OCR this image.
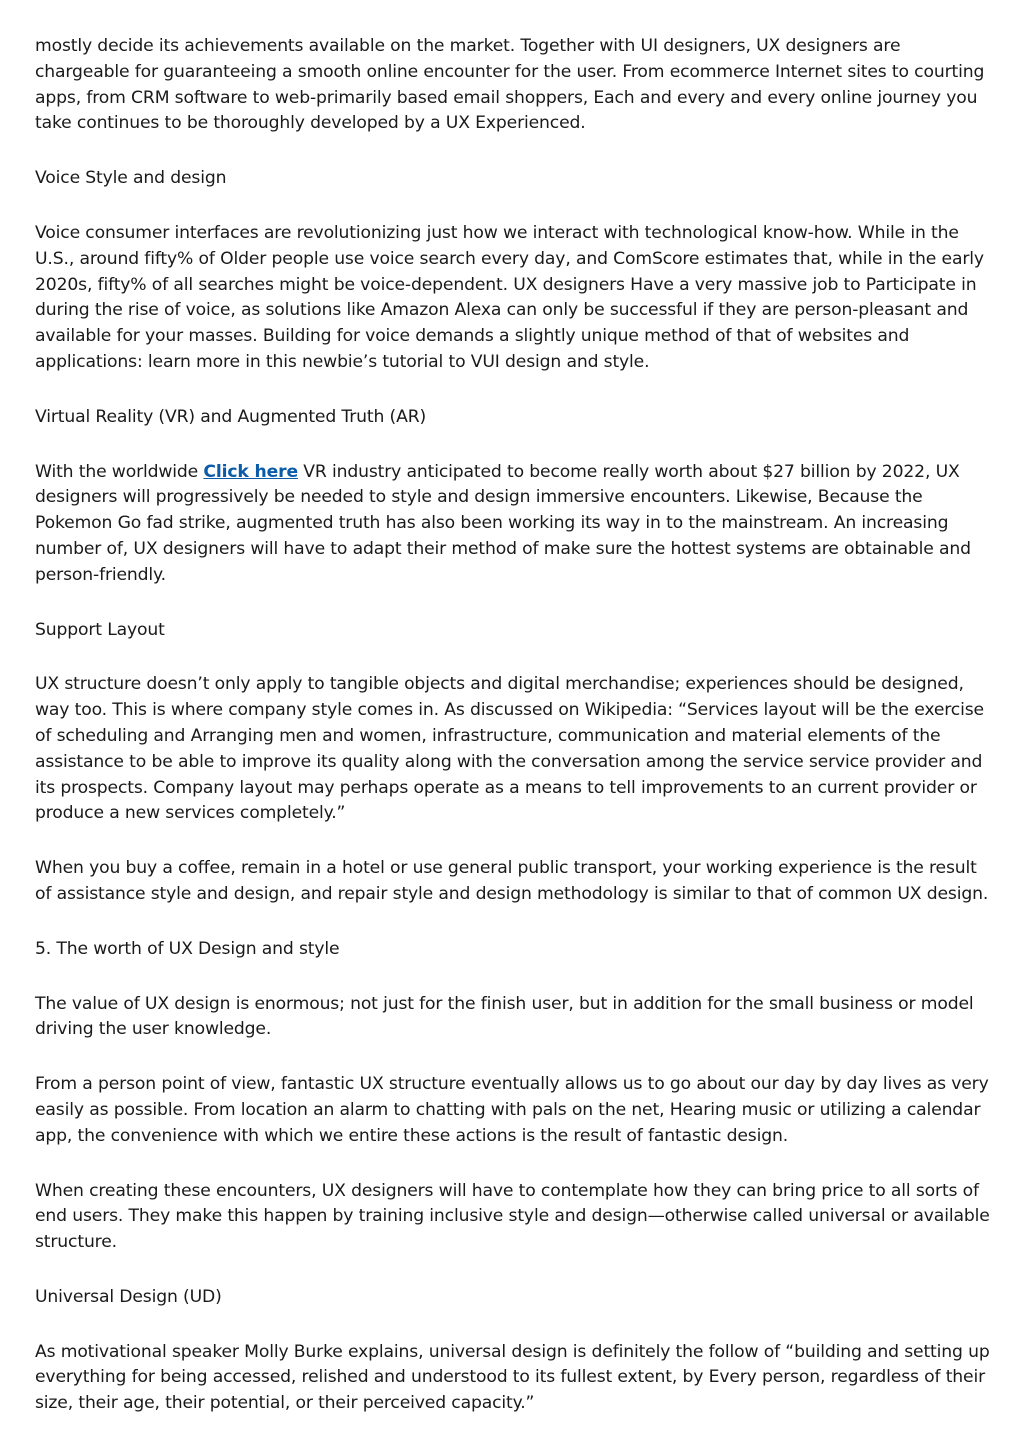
mostly decide its achievements available on the market. Together with UI designers, UX designers are chargeable for guaranteeing a smooth online encounter for the user. From ecommerce Internet sites to courting apps, from CRM software to web-primarily based email shoppers, Each and every and every online journey you take continues to be thoroughly developed by a UX Experienced.

Voice Style and design

Voice consumer interfaces are revolutionizing just how we interact with technological know-how. While in the U.S., around fifty% of Older people use voice search every day, and ComScore estimates that, while in the early 2020s, fifty% of all searches might be voice-dependent. UX designers Have a very massive job to Participate in during the rise of voice, as solutions like Amazon Alexa can only be successful if they are person-pleasant and available for your masses. Building for voice demands a slightly unique method of that of websites and applications: learn more in this newbie’s tutorial to VUI design and style.

Virtual Reality (VR) and Augmented Truth (AR)

With the worldwide Click here VR industry anticipated to become really worth about $27 billion by 2022, UX designers will progressively be needed to style and design immersive encounters. Likewise, Because the Pokemon Go fad strike, augmented truth has also been working its way in to the mainstream. An increasing number of, UX designers will have to adapt their method of make sure the hottest systems are obtainable and person-friendly.

Support Layout

UX structure doesn’t only apply to tangible objects and digital merchandise; experiences should be designed, way too. This is where company style comes in. As discussed on Wikipedia: “Services layout will be the exercise of scheduling and Arranging men and women, infrastructure, communication and material elements of the assistance to be able to improve its quality along with the conversation among the service service provider and its prospects. Company layout may perhaps operate as a means to tell improvements to an current provider or produce a new services completely.”

When you buy a coffee, remain in a hotel or use general public transport, your working experience is the result of assistance style and design, and repair style and design methodology is similar to that of common UX design.

5. The worth of UX Design and style

The value of UX design is enormous; not just for the finish user, but in addition for the small business or model driving the user knowledge.

From a person point of view, fantastic UX structure eventually allows us to go about our day by day lives as very easily as possible. From location an alarm to chatting with pals on the net, Hearing music or utilizing a calendar app, the convenience with which we entire these actions is the result of fantastic design.

When creating these encounters, UX designers will have to contemplate how they can bring price to all sorts of end users. They make this happen by training inclusive style and design—otherwise called universal or available structure.

Universal Design (UD)

As motivational speaker Molly Burke explains, universal design is definitely the follow of “building and setting up everything for being accessed, relished and understood to its fullest extent, by Every person, regardless of their size, their age, their potential, or their perceived capacity.”
